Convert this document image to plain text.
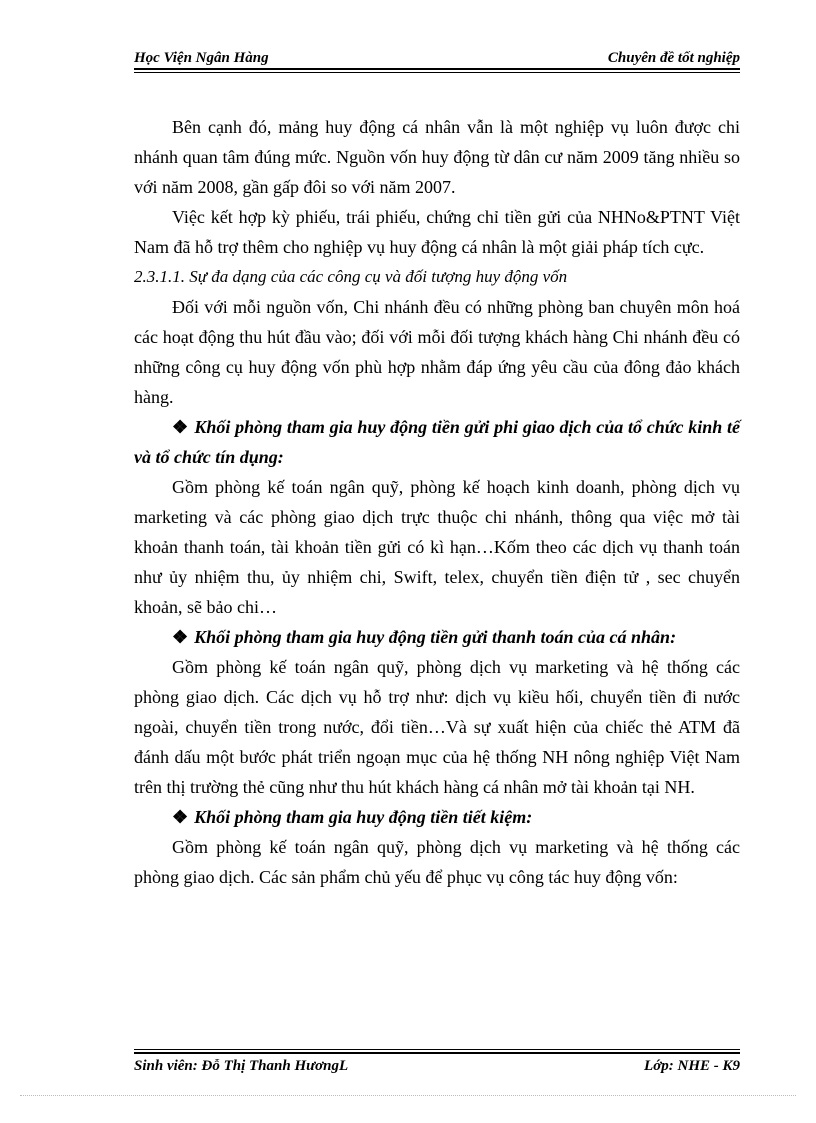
Học Viện Ngân Hàng	Chuyên đề tốt nghiệp

Bên cạnh đó, mảng huy động cá nhân vẫn là một nghiệp vụ luôn được chi nhánh quan tâm đúng mức. Nguồn vốn huy động từ dân cư năm 2009 tăng nhiều so với năm 2008, gần gấp đôi so với năm 2007.

Việc kết hợp kỳ phiếu, trái phiếu, chứng chỉ tiền gửi của NHNo&PTNT Việt Nam đã hỗ trợ thêm cho nghiệp vụ huy động cá nhân là một giải pháp tích cực.

2.3.1.1. Sự đa dạng của các công cụ và đối tượng huy động vốn

Đối với mỗi nguồn vốn, Chi nhánh đều có những phòng ban chuyên môn hoá các hoạt động thu hút đầu vào; đối với mỗi đối tượng khách hàng Chi nhánh đều có những công cụ huy động vốn phù hợp nhằm đáp ứng yêu cầu của đông đảo khách hàng.

❖ Khối phòng tham gia huy động tiền gửi phi giao dịch của tổ chức kinh tế và tổ chức tín dụng:

Gồm phòng kế toán ngân quỹ, phòng kế hoạch kinh doanh, phòng dịch vụ marketing và các phòng giao dịch trực thuộc chi nhánh, thông qua việc mở tài khoản thanh toán, tài khoản tiền gửi có kì hạn…Kốm theo các dịch vụ thanh toán như ủy nhiệm thu, ủy nhiệm chi, Swift, telex, chuyển tiền điện tử , sec chuyển khoản, sẽ bảo chi…

❖ Khối phòng tham gia huy động tiền gửi thanh toán của cá nhân:

Gồm phòng kế toán ngân quỹ, phòng dịch vụ marketing và hệ thống các phòng giao dịch. Các dịch vụ hỗ trợ như: dịch vụ kiều hối, chuyển tiền đi nước ngoài, chuyển tiền trong nước, đổi tiền…Và sự xuất hiện của chiếc thẻ ATM đã đánh dấu một bước phát triển ngoạn mục của hệ thống NH nông nghiệp Việt Nam trên thị trường thẻ cũng như thu hút khách hàng cá nhân mở tài khoản tại NH.

❖ Khối phòng tham gia huy động tiền tiết kiệm:

Gồm phòng kế toán ngân quỹ, phòng dịch vụ marketing và hệ thống các phòng giao dịch. Các sản phẩm chủ yếu để phục vụ công tác huy động vốn:

Sinh viên: Đỗ Thị Thanh HươngL	Lớp: NHE - K9
